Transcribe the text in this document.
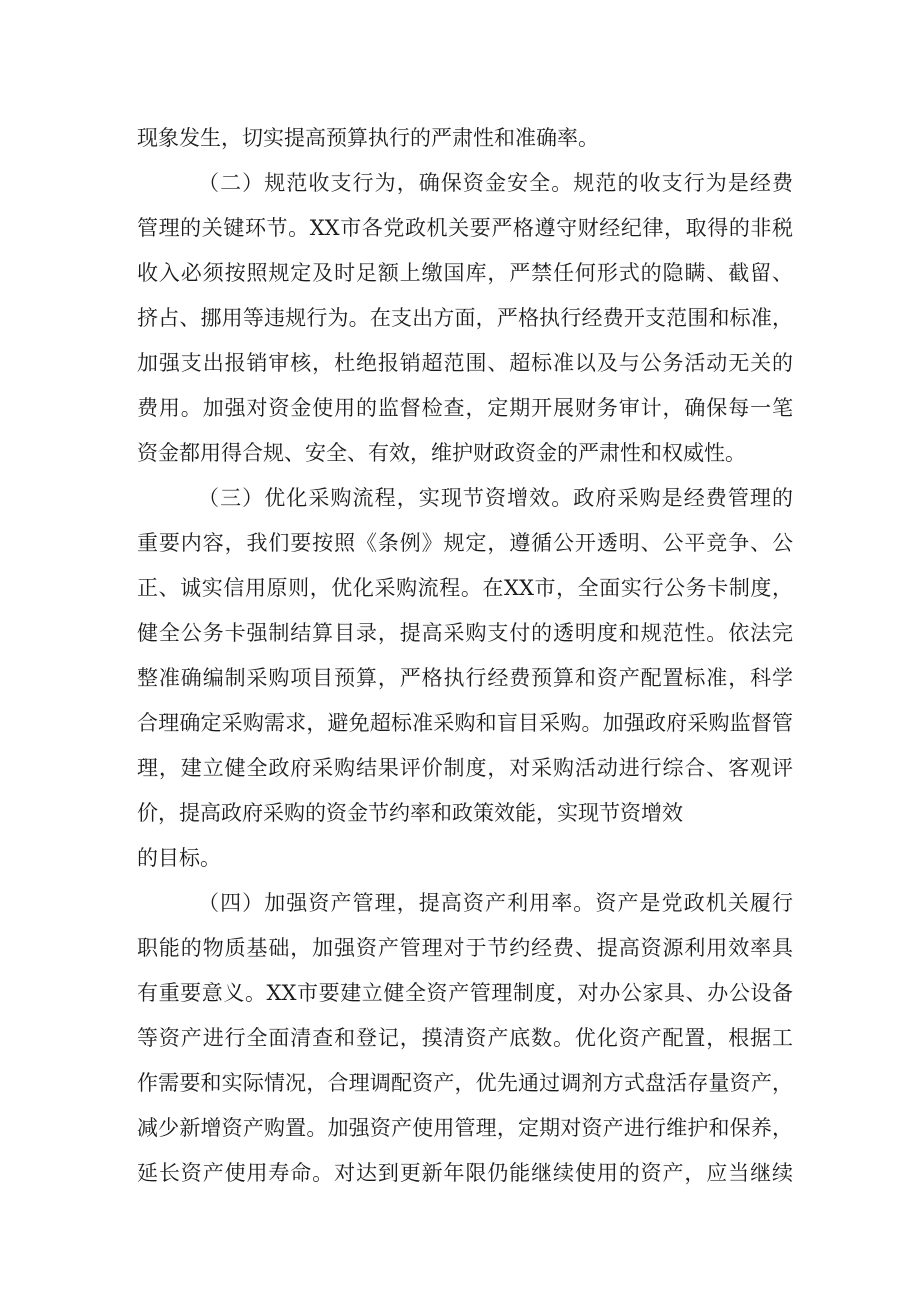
现象发生，切实提高预算执行的严肃性和准确率。
（二）规范收支行为，确保资金安全。规范的收支行为是经费
管理的关键环节。XX市各党政机关要严格遵守财经纪律，取得的非税
收入必须按照规定及时足额上缴国库，严禁任何形式的隐瞒、截留、
挤占、挪用等违规行为。在支出方面，严格执行经费开支范围和标准，
加强支出报销审核，杜绝报销超范围、超标准以及与公务活动无关的
费用。加强对资金使用的监督检查，定期开展财务审计，确保每一笔
资金都用得合规、安全、有效，维护财政资金的严肃性和权威性。
（三）优化采购流程，实现节资增效。政府采购是经费管理的
重要内容，我们要按照《条例》规定，遵循公开透明、公平竞争、公
正、诚实信用原则，优化采购流程。在XX市，全面实行公务卡制度，
健全公务卡强制结算目录，提高采购支付的透明度和规范性。依法完
整准确编制采购项目预算，严格执行经费预算和资产配置标准，科学
合理确定采购需求，避免超标准采购和盲目采购。加强政府采购监督管
理，建立健全政府采购结果评价制度，对采购活动进行综合、客观评
价，提高政府采购的资金节约率和政策效能，实现节资增效
的目标。
（四）加强资产管理，提高资产利用率。资产是党政机关履行
职能的物质基础，加强资产管理对于节约经费、提高资源利用效率具
有重要意义。XX市要建立健全资产管理制度，对办公家具、办公设备
等资产进行全面清查和登记，摸清资产底数。优化资产配置，根据工
作需要和实际情况，合理调配资产，优先通过调剂方式盘活存量资产，
减少新增资产购置。加强资产使用管理，定期对资产进行维护和保养，
延长资产使用寿命。对达到更新年限仍能继续使用的资产，应当继续
